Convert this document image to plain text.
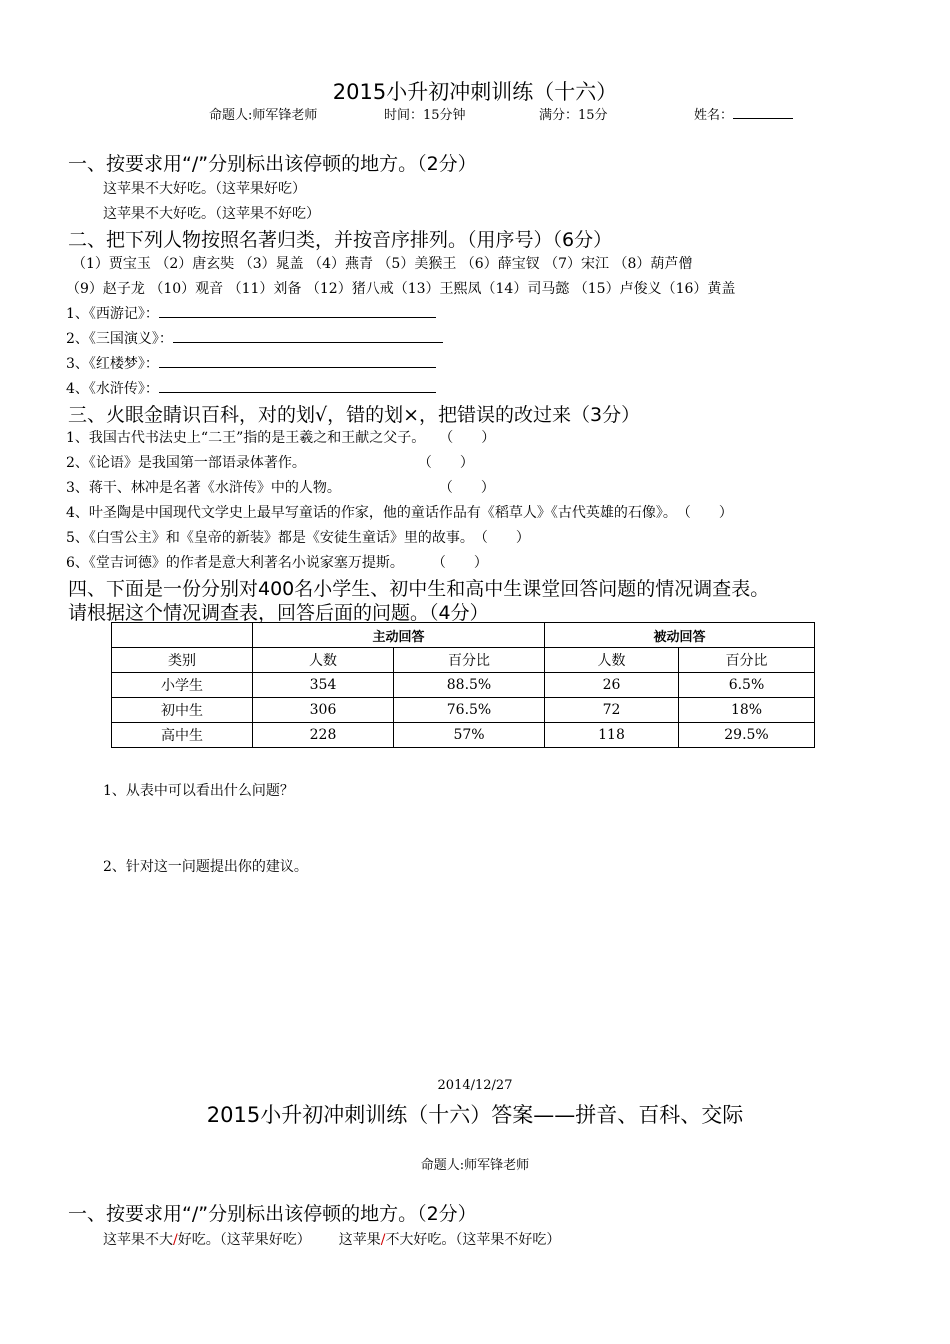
2015小升初冲刺训练（十六）
命题人:师军锋老师	时间：15分钟	满分：15分	姓名：
一、按要求用“/”分别标出该停顿的地方。（2分）
这苹果不大好吃。（这苹果好吃）
这苹果不大好吃。（这苹果不好吃）
二、把下列人物按照名著归类，并按音序排列。（用序号）（6分）
（1）贾宝玉 （2）唐玄奘 （3）晁盖 （4）燕青 （5）美猴王 （6）薛宝钗 （7）宋江 （8）葫芦僧
（9）赵子龙 （10）观音 （11）刘备 （12）猪八戒（13）王熙凤（14）司马懿 （15）卢俊义（16）黄盖
1、《西游记》：
2、《三国演义》：
3、《红楼梦》：
4、《水浒传》：
三、火眼金睛识百科，对的划√，错的划×，把错误的改过来（3分）
1、我国古代书法史上“二王”指的是王羲之和王献之父子。　　（　　）
2、《论语》是我国第一部语录体著作。　　　　　　　　　（　　）
3、蒋干、林冲是名著《水浒传》中的人物。　　　　　　　　（　　）
4、叶圣陶是中国现代文学史上最早写童话的作家，他的童话作品有《稻草人》《古代英雄的石像》。　（　　）
5、《白雪公主》和《皇帝的新装》都是《安徒生童话》里的故事。　（　　）
6、《堂吉诃德》的作者是意大利著名小说家塞万提斯。　　　（　　）
四、下面是一份分别对400名小学生、初中生和高中生课堂回答问题的情况调查表。
请根据这个情况调查表，回答后面的问题。（4分）
	主动回答		被动回答	
类别	人数	百分比	人数	百分比
小学生	354	88.5%	26	6.5%
初中生	306	76.5%	72	18%
高中生	228	57%	118	29.5%
1、从表中可以看出什么问题？
2、针对这一问题提出你的建议。
2014/12/27
2015小升初冲刺训练（十六）答案——拼音、百科、交际
命题人:师军锋老师
一、按要求用“/”分别标出该停顿的地方。（2分）
这苹果不大/好吃。（这苹果好吃） 这苹果/不大好吃。（这苹果不好吃）
